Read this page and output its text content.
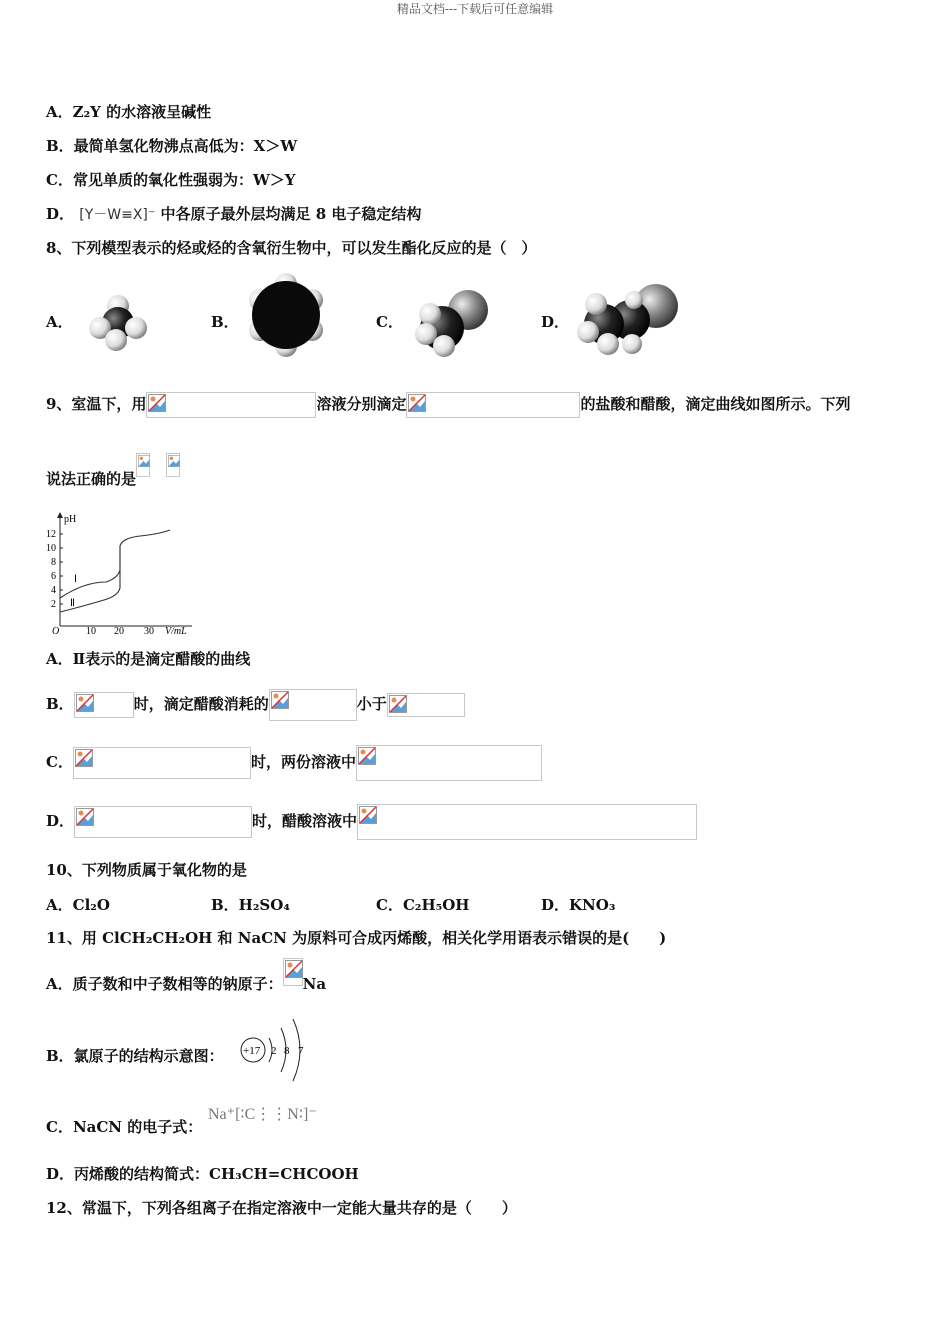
精品文档---下载后可任意编辑
A．Z₂Y 的水溶液呈碱性
B．最简单氢化物沸点高低为：X＞W
C．常见单质的氧化性强弱为：W＞Y
D． [Y－W≡X]⁻ 中各原子最外层均满足 8 电子稳定结构
8、下列模型表示的烃或烃的含氧衍生物中，可以发生酯化反应的是（　）
A．	B．	C．	D．
9、室温下，用	溶液分别滴定	的盐酸和醋酸，滴定曲线如图所示。下列
说法正确的是
pH
V/mL
O
12
10
8
6
4
2
10 20 30
Ⅰ
Ⅱ
A．Ⅱ表示的是滴定醋酸的曲线
B．	时，滴定醋酸消耗的	小于
C．	时，两份溶液中
D．	时，醋酸溶液中
10、下列物质属于氧化物的是
A．Cl₂O	B．H₂SO₄	C．C₂H₅OH	D．KNO₃
11、用 ClCH₂CH₂OH 和 NaCN 为原料可合成丙烯酸，相关化学用语表示错误的是(　　)
A．质子数和中子数相等的钠原子： Na
B．氯原子的结构示意图： +17 2 8 7
C．NaCN 的电子式：
Na⁺[∶C⋮⋮N∶]⁻
D．丙烯酸的结构简式：CH₃CH=CHCOOH
12、常温下，下列各组离子在指定溶液中一定能大量共存的是（　　）
